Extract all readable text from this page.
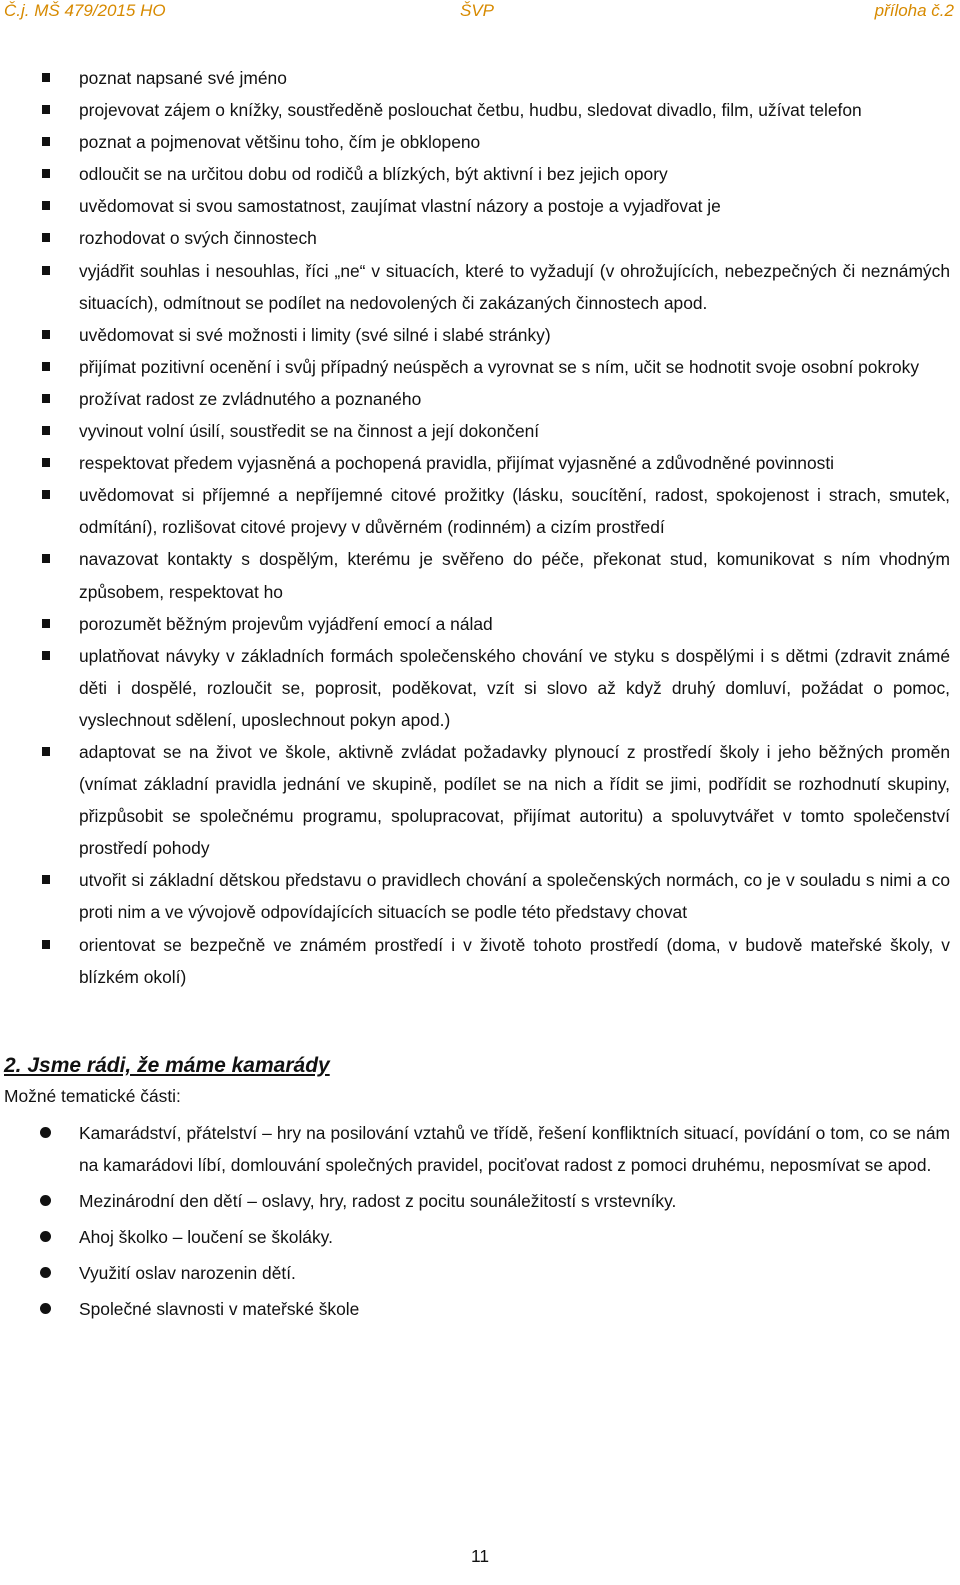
Č.j. MŠ 479/2015 HO	ŠVP	příloha č.2
poznat napsané své jméno
projevovat zájem o knížky, soustředěně poslouchat četbu, hudbu, sledovat divadlo, film, užívat telefon
poznat a pojmenovat většinu toho, čím je obklopeno
odloučit se na určitou dobu od rodičů a blízkých, být aktivní i bez jejich opory
uvědomovat si svou samostatnost, zaujímat vlastní názory a postoje a vyjadřovat je
rozhodovat o svých činnostech
vyjádřit souhlas i nesouhlas, říci „ne“ v situacích, které to vyžadují (v ohrožujících, nebezpečných či neznámých situacích), odmítnout se podílet na nedovolených či zakázaných činnostech apod.
uvědomovat si své možnosti i limity (své silné i slabé stránky)
přijímat pozitivní ocenění i svůj případný neúspěch a vyrovnat se s ním, učit se hodnotit svoje osobní pokroky
prožívat radost ze zvládnutého a poznaného
vyvinout volní úsilí, soustředit se na činnost a její dokončení
respektovat předem vyjasněná a pochopená pravidla, přijímat vyjasněné a zdůvodněné povinnosti
uvědomovat si příjemné a nepříjemné citové prožitky (lásku, soucítění, radost, spokojenost i strach, smutek, odmítání), rozlišovat citové projevy v důvěrném (rodinném) a cizím prostředí
navazovat kontakty s dospělým, kterému je svěřeno do péče, překonat stud, komunikovat s ním vhodným způsobem, respektovat ho
porozumět běžným projevům vyjádření emocí a nálad
uplatňovat návyky v základních formách společenského chování ve styku s dospělými i s dětmi (zdravit známé děti i dospělé, rozloučit se, poprosit, poděkovat, vzít si slovo až když druhý domluví, požádat o pomoc, vyslechnout sdělení, uposlechnout pokyn apod.)
adaptovat se na život ve škole, aktivně zvládat požadavky plynoucí z prostředí školy i jeho běžných proměn (vnímat základní pravidla jednání ve skupině, podílet se na nich a řídit se jimi, podřídit se rozhodnutí skupiny, přizpůsobit se společnému programu, spolupracovat, přijímat autoritu) a spoluvytvářet v tomto společenství prostředí pohody
utvořit si základní dětskou představu o pravidlech chování a společenských normách, co je v souladu s nimi a co proti nim a ve vývojově odpovídajících situacích se podle této představy chovat
orientovat se bezpečně ve známém prostředí i v životě tohoto prostředí (doma, v budově mateřské školy, v blízkém okolí)
2. Jsme rádi, že máme kamarády
Možné tematické části:
Kamarádství, přátelství – hry na posilování vztahů ve třídě, řešení konfliktních situací, povídání o tom, co se nám na kamarádovi líbí, domlouvání společných pravidel, pociťovat radost z pomoci druhému, neposmívat se apod.
Mezinárodní den dětí – oslavy, hry, radost z pocitu sounáležitostí s vrstevníky.
Ahoj školko – loučení se školáky.
Využití oslav narozenin dětí.
Společné slavnosti v mateřské škole
11
